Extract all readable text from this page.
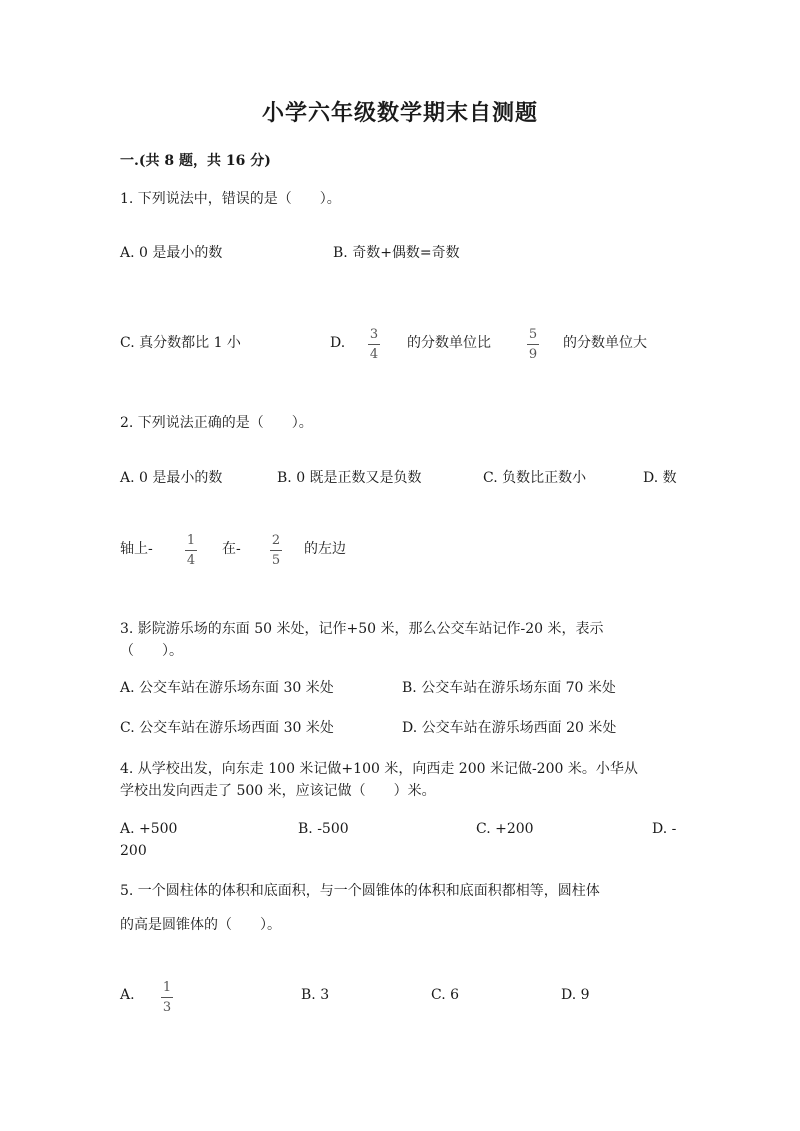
小学六年级数学期末自测题
一.(共 8 题，共 16 分)
1. 下列说法中，错误的是（　　）。
A. 0 是最小的数	B. 奇数+偶数=奇数
C. 真分数都比 1 小	D.
3
4
的分数单位比
5
9
的分数单位大
2. 下列说法正确的是（　　）。
A. 0 是最小的数	B. 0 既是正数又是负数	C. 负数比正数小	D. 数
轴上-
1
4
在-
2
5
的左边
3. 影院游乐场的东面 50 米处，记作+50 米，那么公交车站记作-20 米，表示
（　　）。
A. 公交车站在游乐场东面 30 米处	B. 公交车站在游乐场东面 70 米处
C. 公交车站在游乐场西面 30 米处	D. 公交车站在游乐场西面 20 米处
4. 从学校出发，向东走 100 米记做+100 米，向西走 200 米记做-200 米。小华从
学校出发向西走了 500 米，应该记做（　　）米。
A. +500	B. -500	C. +200	D. -
200
5. 一个圆柱体的体积和底面积，与一个圆锥体的体积和底面积都相等，圆柱体
的高是圆锥体的（　　）。
A. 1
3
B. 3	C. 6	D. 9
